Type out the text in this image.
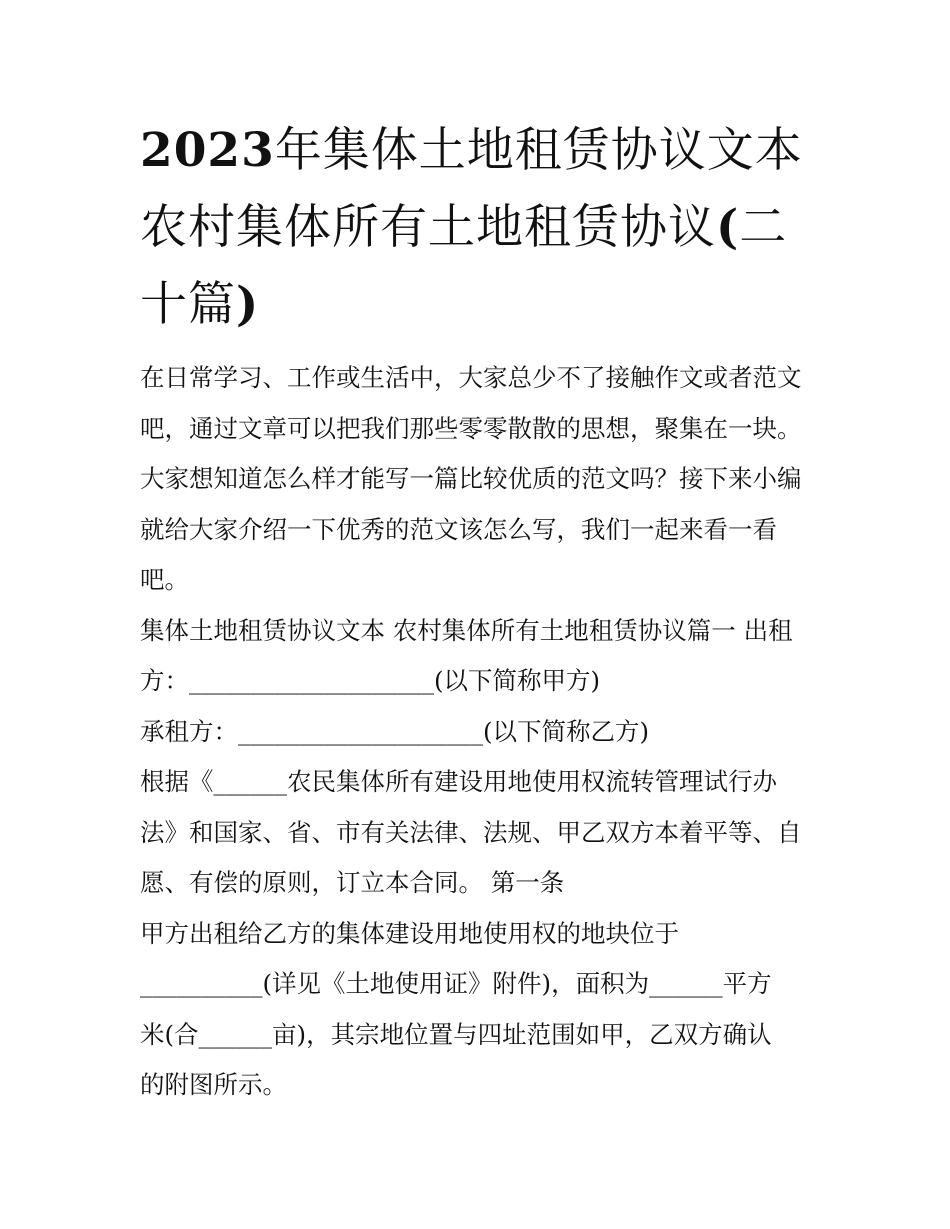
2023年集体土地租赁协议文本
农村集体所有土地租赁协议(二
十篇)
在日常学习、工作或生活中，大家总少不了接触作文或者范文
吧，通过文章可以把我们那些零零散散的思想，聚集在一块。
大家想知道怎么样才能写一篇比较优质的范文吗？接下来小编
就给大家介绍一下优秀的范文该怎么写，我们一起来看一看
吧。
集体土地租赁协议文本 农村集体所有土地租赁协议篇一 出租
方：____________________(以下简称甲方)
承租方：____________________(以下简称乙方)
根据《______农民集体所有建设用地使用权流转管理试行办
法》和国家、省、市有关法律、法规、甲乙双方本着平等、自
愿、有偿的原则，订立本合同。 第一条
甲方出租给乙方的集体建设用地使用权的地块位于
__________(详见《土地使用证》附件)，面积为______平方
米(合______亩)，其宗地位置与四址范围如甲，乙双方确认
的附图所示。
